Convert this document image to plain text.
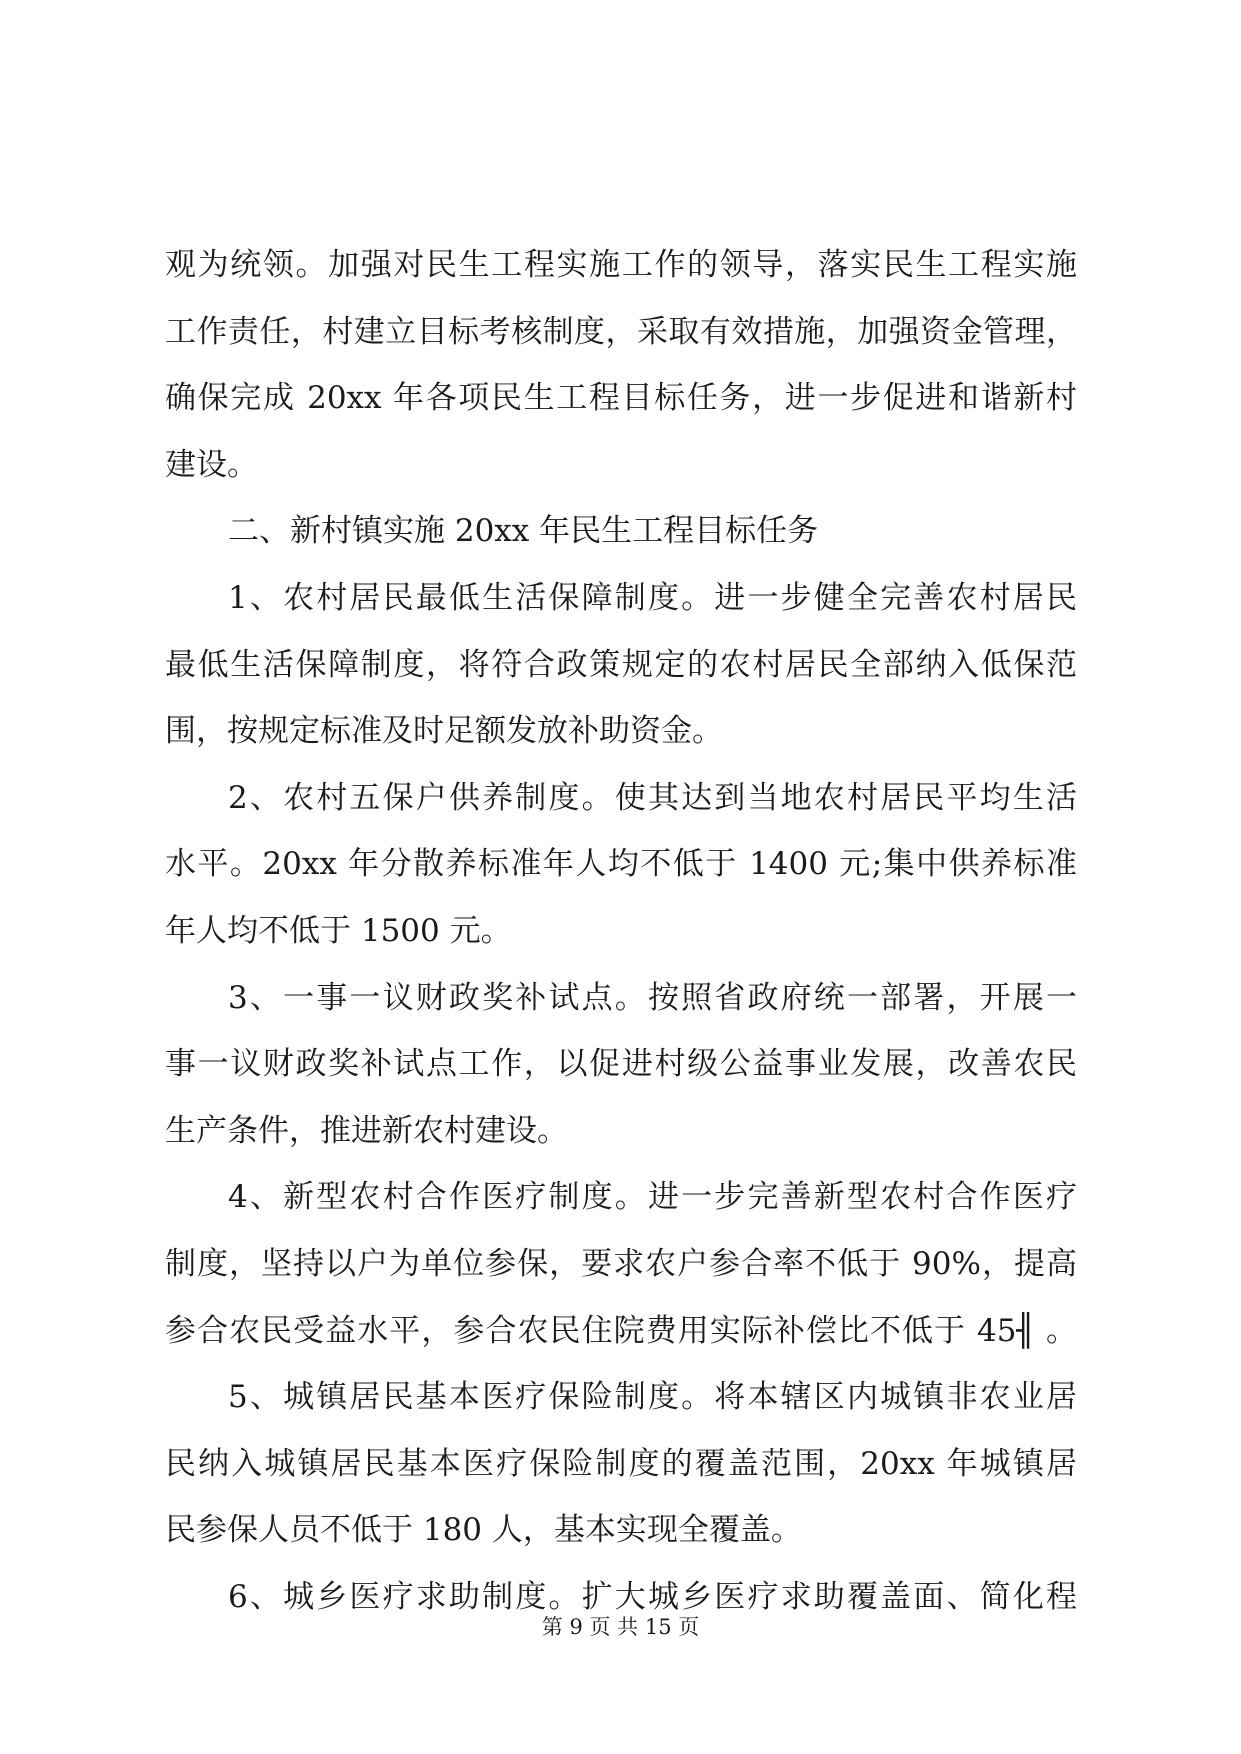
观为统领。加强对民生工程实施工作的领导，落实民生工程实施
工作责任，村建立目标考核制度，采取有效措施，加强资金管理，
确保完成 20xx 年各项民生工程目标任务，进一步促进和谐新村
建设。
二、新村镇实施 20xx 年民生工程目标任务
1、农村居民最低生活保障制度。进一步健全完善农村居民
最低生活保障制度，将符合政策规定的农村居民全部纳入低保范
围，按规定标准及时足额发放补助资金。
2、农村五保户供养制度。使其达到当地农村居民平均生活
水平。20xx 年分散养标准年人均不低于 1400 元;集中供养标准
年人均不低于 1500 元。
3、一事一议财政奖补试点。按照省政府统一部署，开展一
事一议财政奖补试点工作，以促进村级公益事业发展，改善农民
生产条件，推进新农村建设。
4、新型农村合作医疗制度。进一步完善新型农村合作医疗
制度，坚持以户为单位参保，要求农户参合率不低于 90%，提高
参合农民受益水平，参合农民住院费用实际补偿比不低于 45╢ 。
5、城镇居民基本医疗保险制度。将本辖区内城镇非农业居
民纳入城镇居民基本医疗保险制度的覆盖范围，20xx 年城镇居
民参保人员不低于 180 人，基本实现全覆盖。
6、城乡医疗求助制度。扩大城乡医疗求助覆盖面、简化程
第 9 页 共 15 页
